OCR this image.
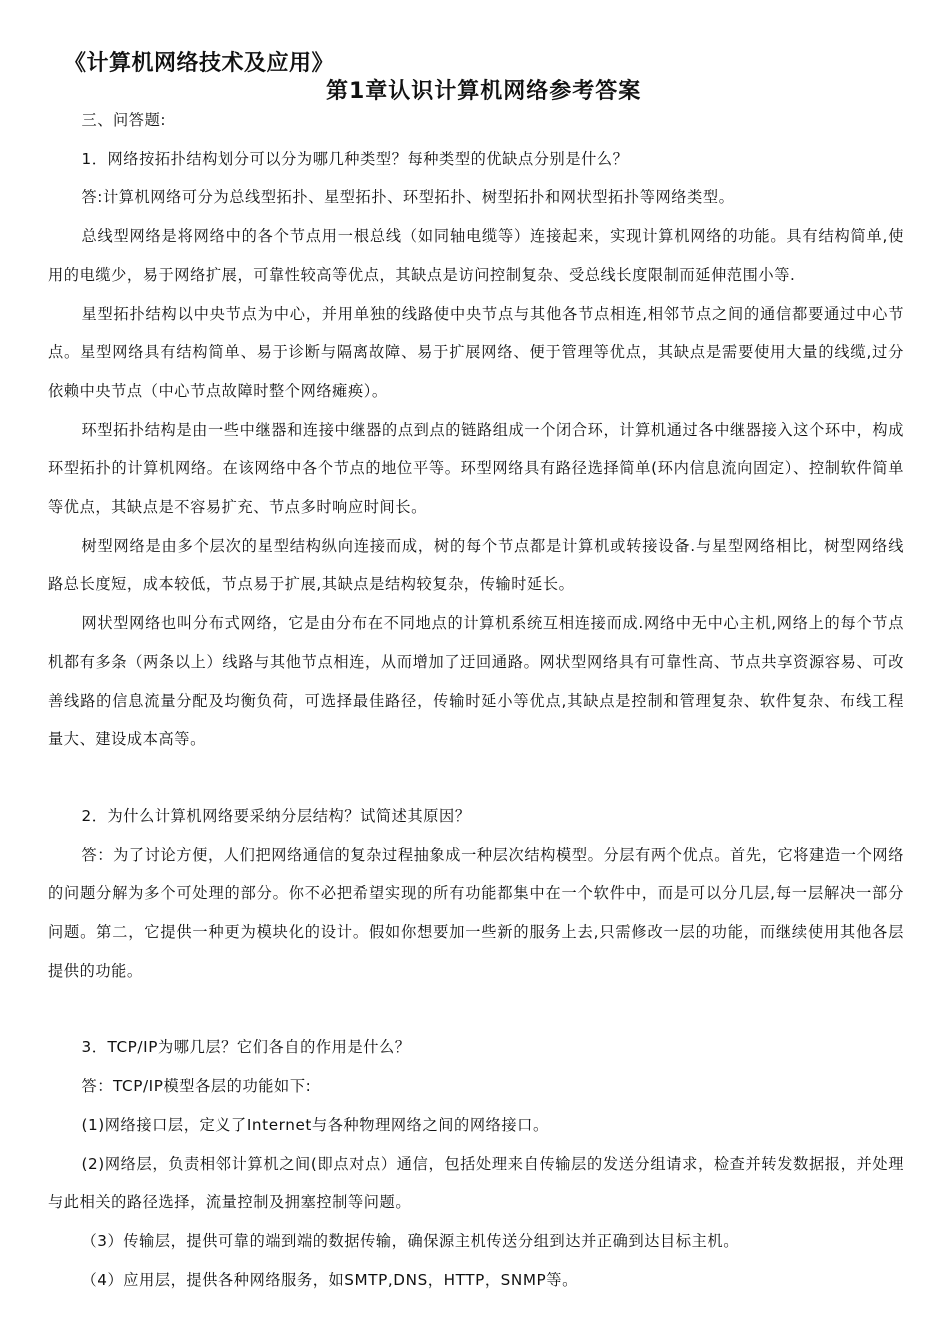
《计算机网络技术及应用》
第1章认识计算机网络参考答案

三、问答题:

1．网络按拓扑结构划分可以分为哪几种类型？每种类型的优缺点分别是什么？

答:计算机网络可分为总线型拓扑、星型拓扑、环型拓扑、树型拓扑和网状型拓扑等网络类型。

总线型网络是将网络中的各个节点用一根总线（如同轴电缆等）连接起来，实现计算机网络的功能。具有结构简单,使用的电缆少，易于网络扩展，可靠性较高等优点，其缺点是访问控制复杂、受总线长度限制而延伸范围小等.

星型拓扑结构以中央节点为中心，并用单独的线路使中央节点与其他各节点相连,相邻节点之间的通信都要通过中心节点。星型网络具有结构简单、易于诊断与隔离故障、易于扩展网络、便于管理等优点，其缺点是需要使用大量的线缆,过分依赖中央节点（中心节点故障时整个网络瘫痪）。

环型拓扑结构是由一些中继器和连接中继器的点到点的链路组成一个闭合环，计算机通过各中继器接入这个环中，构成环型拓扑的计算机网络。在该网络中各个节点的地位平等。环型网络具有路径选择简单(环内信息流向固定）、控制软件简单等优点，其缺点是不容易扩充、节点多时响应时间长。

树型网络是由多个层次的星型结构纵向连接而成，树的每个节点都是计算机或转接设备.与星型网络相比，树型网络线路总长度短，成本较低，节点易于扩展,其缺点是结构较复杂，传输时延长。

网状型网络也叫分布式网络，它是由分布在不同地点的计算机系统互相连接而成.网络中无中心主机,网络上的每个节点机都有多条（两条以上）线路与其他节点相连，从而增加了迂回通路。网状型网络具有可靠性高、节点共享资源容易、可改善线路的信息流量分配及均衡负荷，可选择最佳路径，传输时延小等优点,其缺点是控制和管理复杂、软件复杂、布线工程量大、建设成本高等。

2．为什么计算机网络要采纳分层结构？试简述其原因？

答：为了讨论方便，人们把网络通信的复杂过程抽象成一种层次结构模型。分层有两个优点。首先，它将建造一个网络的问题分解为多个可处理的部分。你不必把希望实现的所有功能都集中在一个软件中，而是可以分几层,每一层解决一部分问题。第二，它提供一种更为模块化的设计。假如你想要加一些新的服务上去,只需修改一层的功能，而继续使用其他各层提供的功能。

3．TCP/IP为哪几层？它们各自的作用是什么？

答：TCP/IP模型各层的功能如下:

(1)网络接口层，定义了Internet与各种物理网络之间的网络接口。

(2)网络层，负责相邻计算机之间(即点对点）通信，包括处理来自传输层的发送分组请求，检查并转发数据报，并处理与此相关的路径选择，流量控制及拥塞控制等问题。

（3）传输层，提供可靠的端到端的数据传输，确保源主机传送分组到达并正确到达目标主机。

（4）应用层，提供各种网络服务，如SMTP,DNS，HTTP，SNMP等。
